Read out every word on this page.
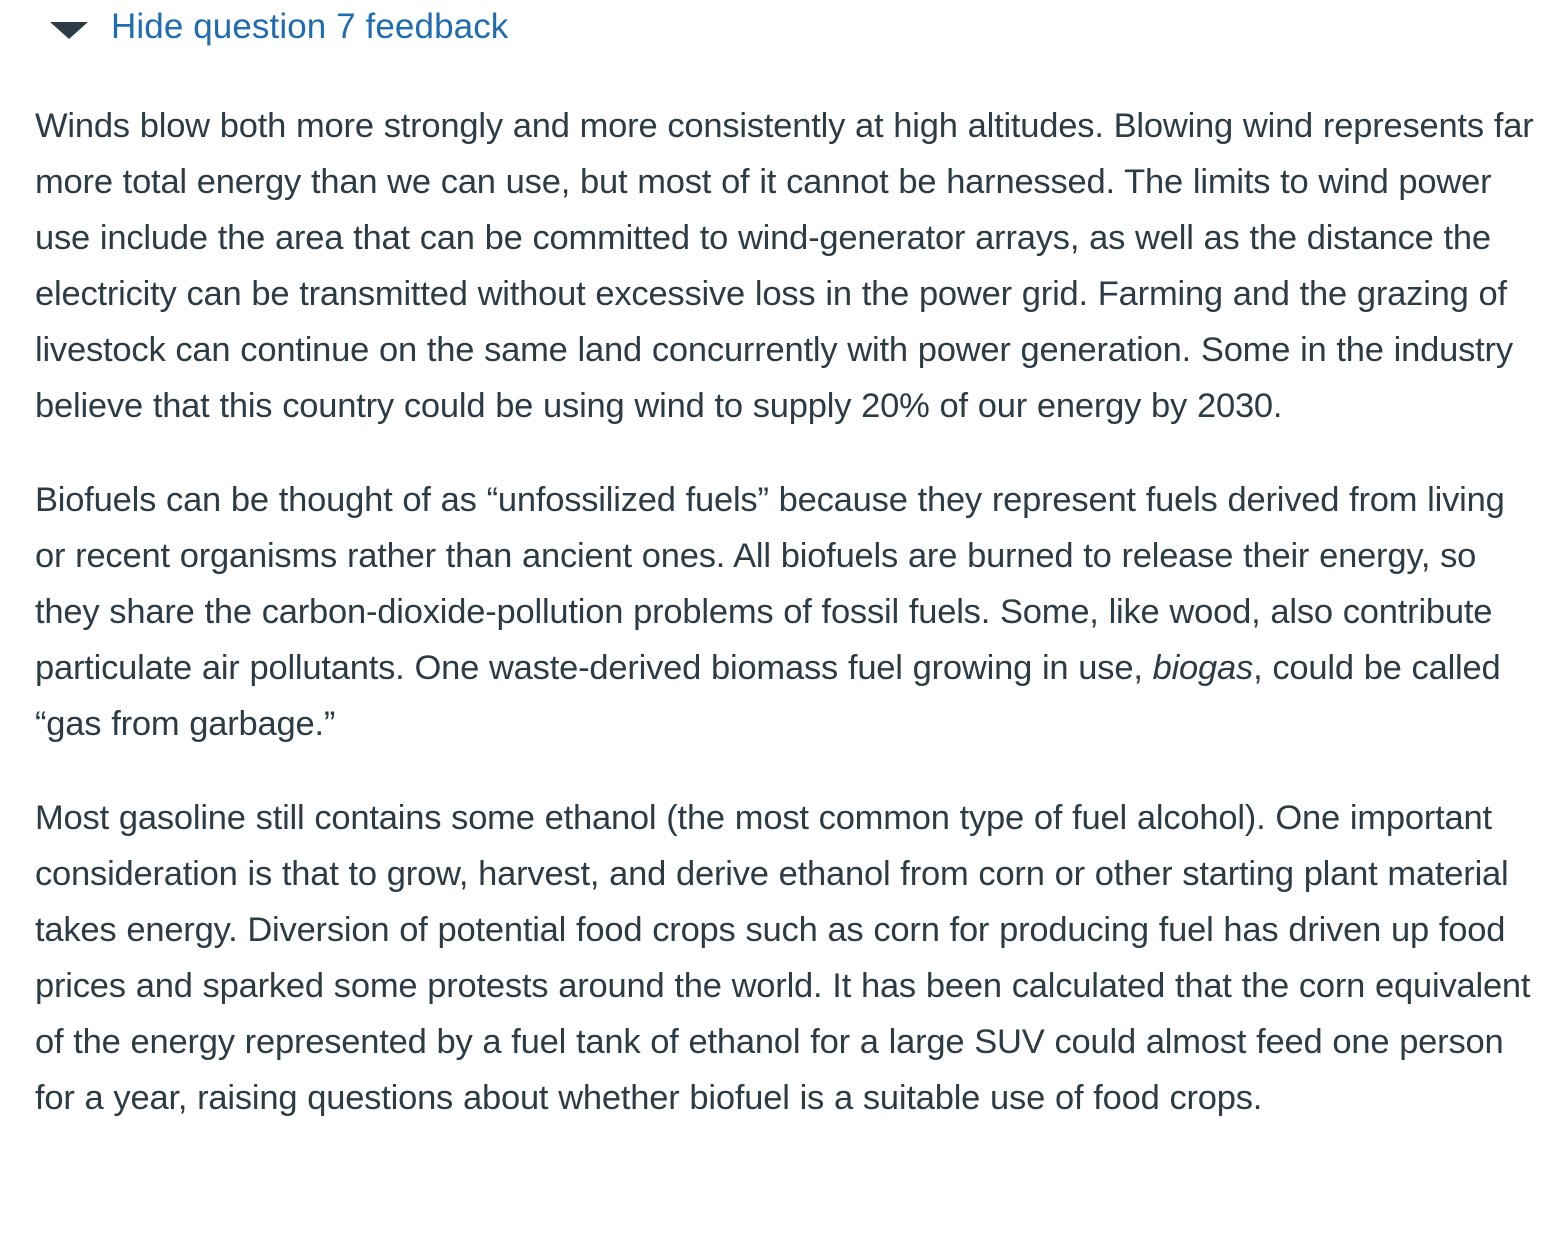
Hide question 7 feedback

Winds blow both more strongly and more consistently at high altitudes. Blowing wind represents far more total energy than we can use, but most of it cannot be harnessed. The limits to wind power use include the area that can be committed to wind-generator arrays, as well as the distance the electricity can be transmitted without excessive loss in the power grid. Farming and the grazing of livestock can continue on the same land concurrently with power generation. Some in the industry believe that this country could be using wind to supply 20% of our energy by 2030.

Biofuels can be thought of as “unfossilized fuels” because they represent fuels derived from living or recent organisms rather than ancient ones. All biofuels are burned to release their energy, so they share the carbon-dioxide-pollution problems of fossil fuels. Some, like wood, also contribute particulate air pollutants. One waste-derived biomass fuel growing in use, biogas, could be called “gas from garbage.”

Most gasoline still contains some ethanol (the most common type of fuel alcohol). One important consideration is that to grow, harvest, and derive ethanol from corn or other starting plant material takes energy. Diversion of potential food crops such as corn for producing fuel has driven up food prices and sparked some protests around the world. It has been calculated that the corn equivalent of the energy represented by a fuel tank of ethanol for a large SUV could almost feed one person for a year, raising questions about whether biofuel is a suitable use of food crops.
